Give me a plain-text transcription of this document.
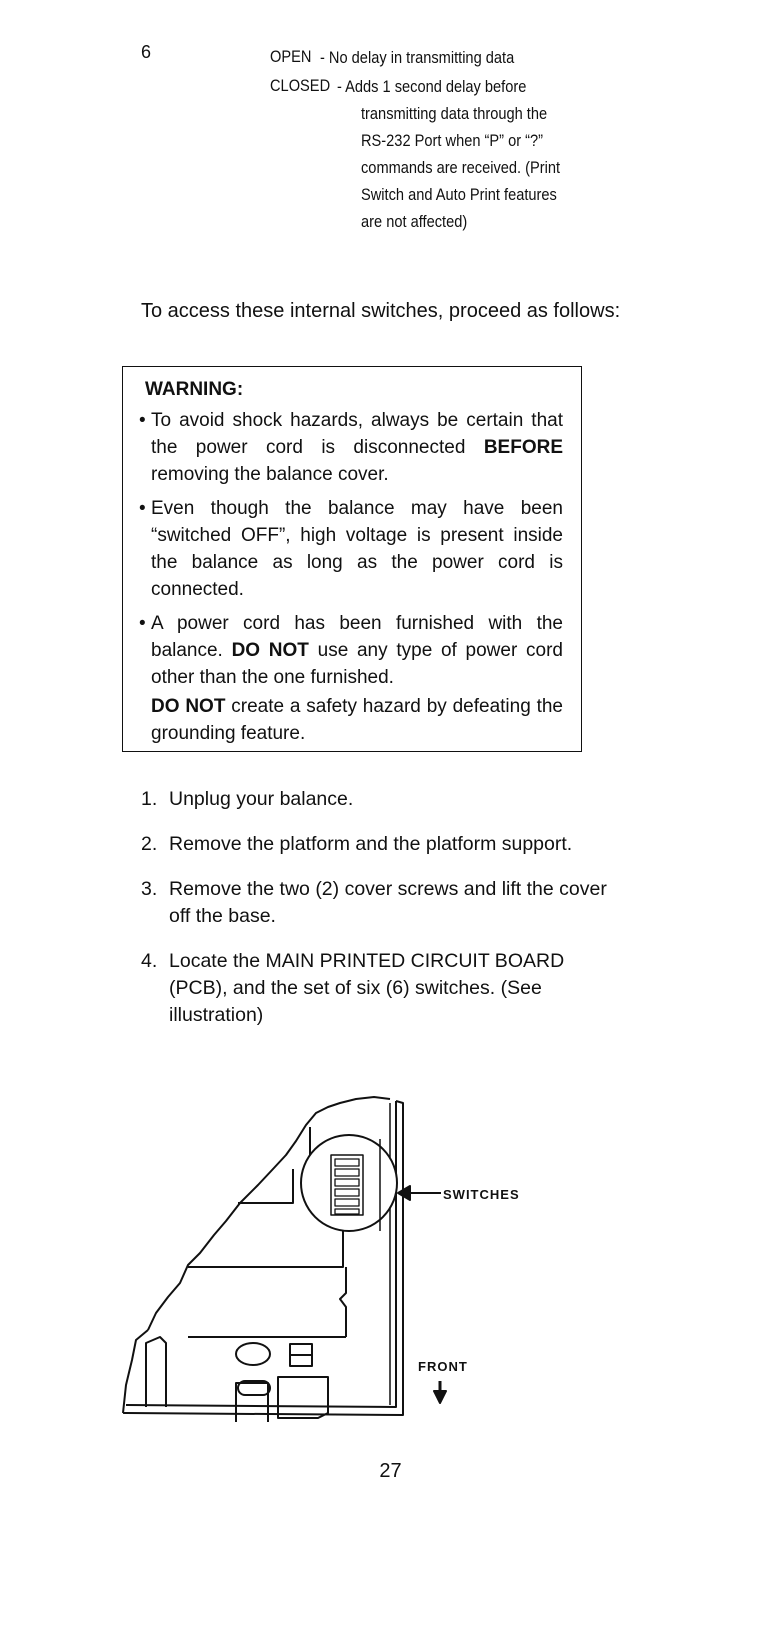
6	OPEN - No delay in transmitting data
CLOSED - Adds 1 second delay before
transmitting data through the
RS-232 Port when “P” or “?”
commands are received. (Print
Switch and Auto Print features
are not affected)
To access these internal switches, proceed as follows:
WARNING:
• To avoid shock hazards, always be certain that the power cord is disconnected BEFORE removing the balance cover.
• Even though the balance may have been “switched OFF”, high voltage is present inside the balance as long as the power cord is connected.
• A power cord has been furnished with the balance. DO NOT use any type of power cord other than the one furnished.
DO NOT create a safety hazard by defeating the grounding feature.
1. Unplug your balance.
2. Remove the platform and the platform support.
3. Remove the two (2) cover screws and lift the cover off the base.
4. Locate the MAIN PRINTED CIRCUIT BOARD (PCB), and the set of six (6) switches. (See illustration)
SWITCHES
FRONT
27
